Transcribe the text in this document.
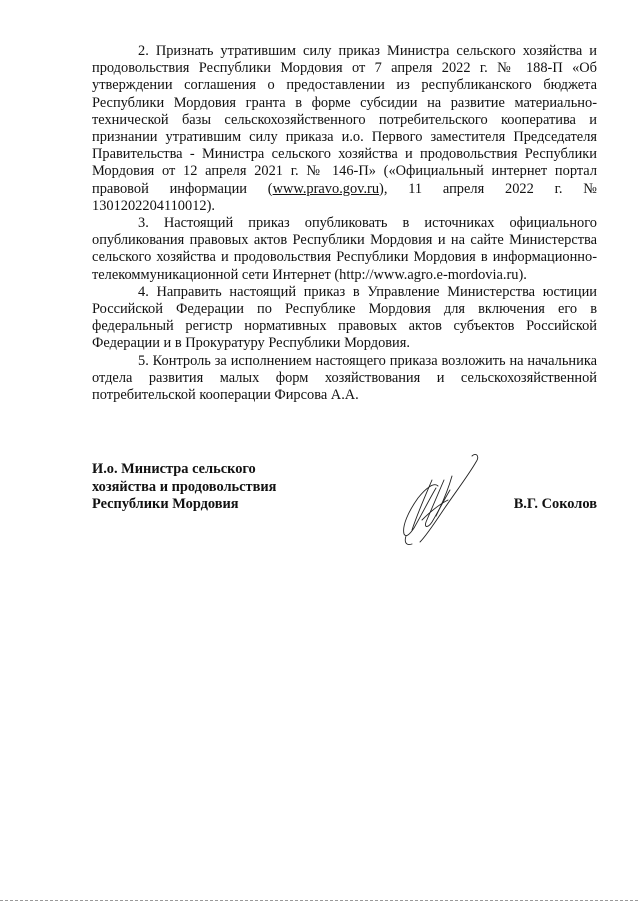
2. Признать утратившим силу приказ Министра сельского хозяйства и продовольствия Республики Мордовия от 7 апреля 2022 г. № 188-П «Об утверждении соглашения о предоставлении из республиканского бюджета Республики Мордовия гранта в форме субсидии на развитие материально-технической базы сельскохозяйственного потребительского кооператива и признании утратившим силу приказа и.о. Первого заместителя Председателя Правительства - Министра сельского хозяйства и продовольствия Республики Мордовия от 12 апреля 2021 г. № 146-П» («Официальный интернет портал правовой информации (www.pravo.gov.ru), 11 апреля 2022 г. № 1301202204110012).

3. Настоящий приказ опубликовать в источниках официального опубликования правовых актов Республики Мордовия и на сайте Министерства сельского хозяйства и продовольствия Республики Мордовия в информационно-телекоммуникационной сети Интернет (http://www.agro.e-mordovia.ru).

4. Направить настоящий приказ в Управление Министерства юстиции Российской Федерации по Республике Мордовия для включения его в федеральный регистр нормативных правовых актов субъектов Российской Федерации и в Прокуратуру Республики Мордовия.

5. Контроль за исполнением настоящего приказа возложить на начальника отдела развития малых форм хозяйствования и сельскохозяйственной потребительской кооперации Фирсова А.А.

И.о. Министра сельского
хозяйства и продовольствия
Республики Мордовия	В.Г. Соколов
